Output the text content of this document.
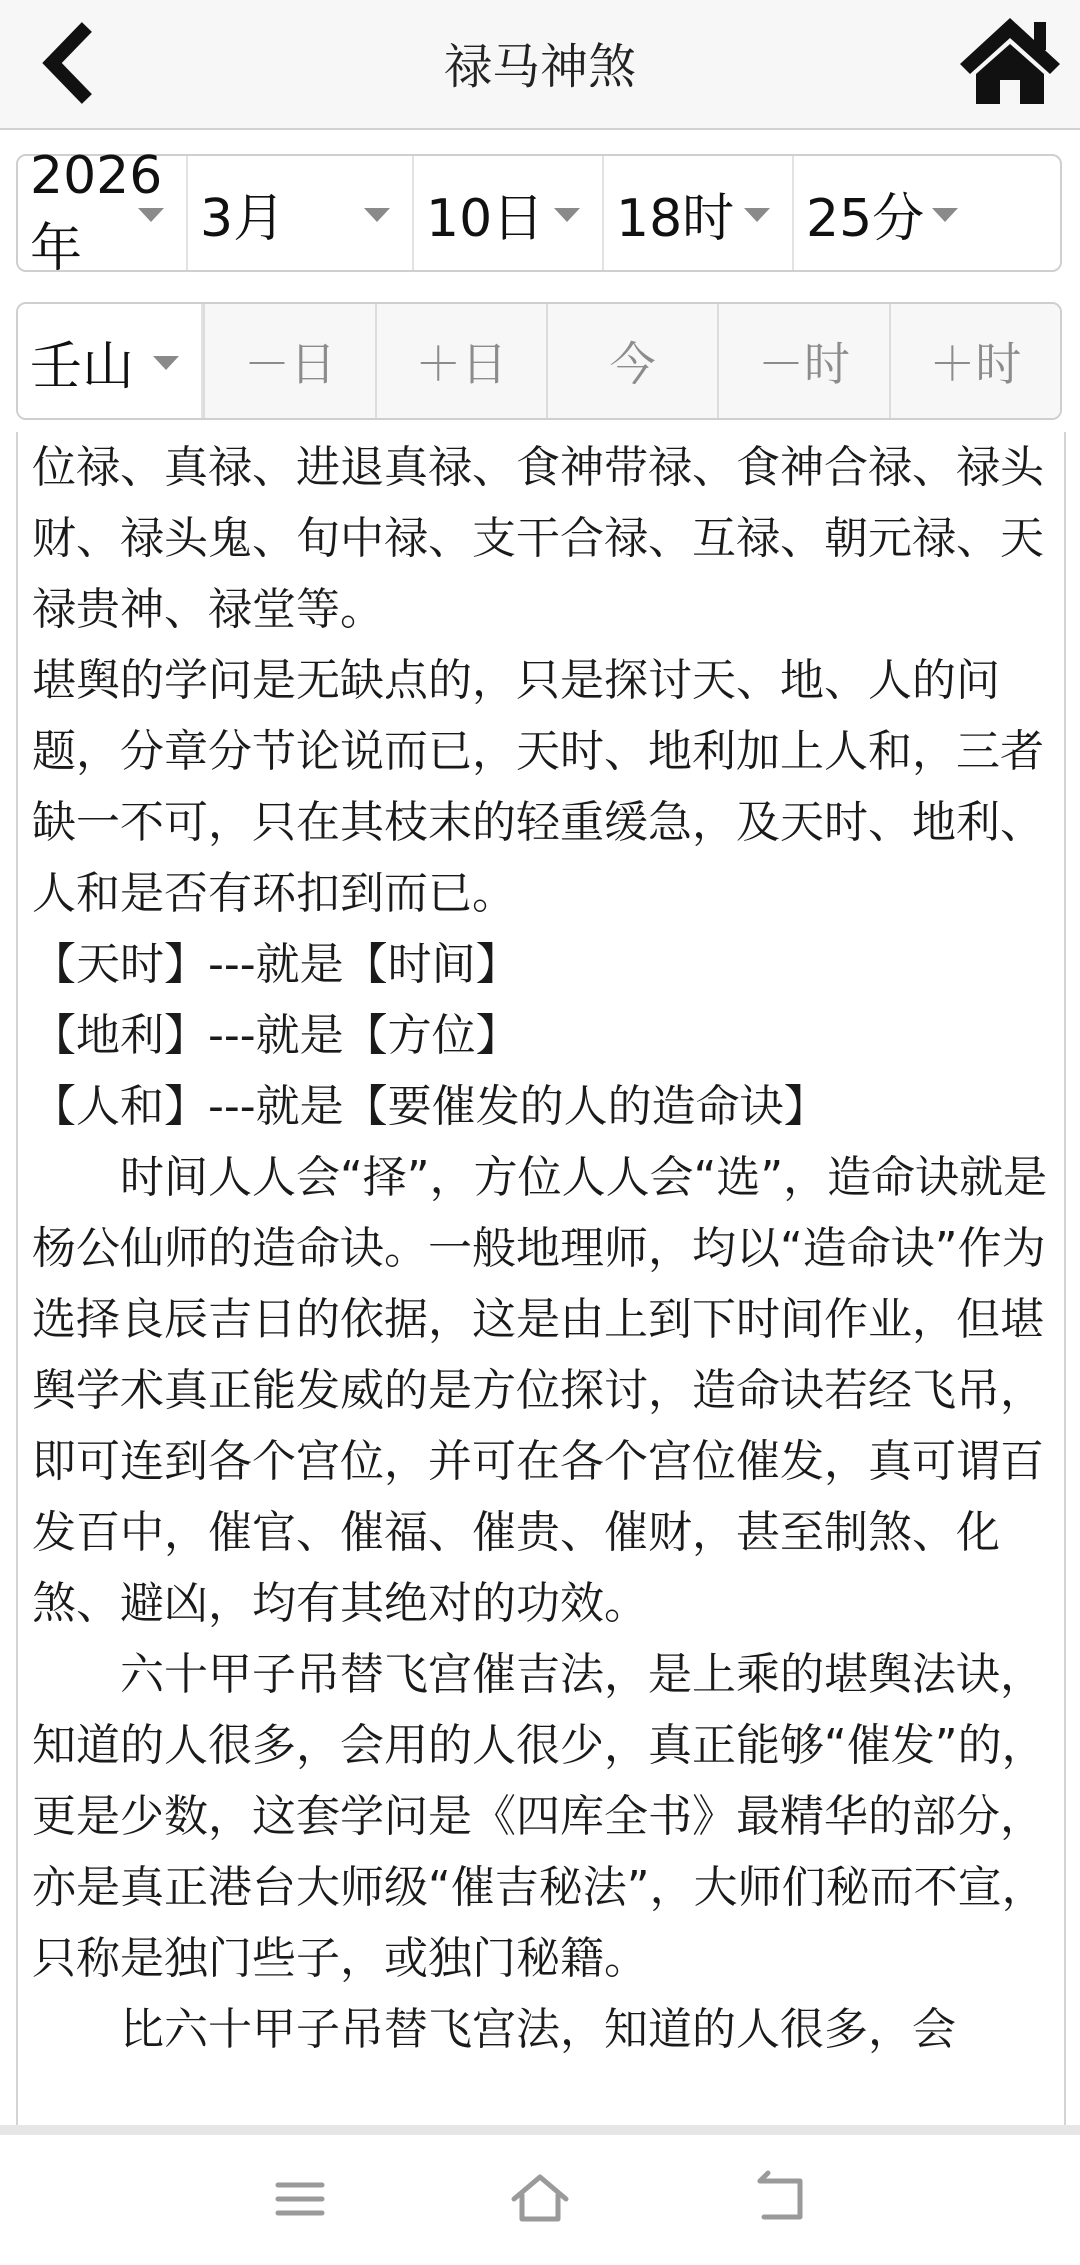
禄马神煞
2026年	3月	10日 18时 25分
壬山	－日	＋日	今	－时	＋时

位禄、真禄、进退真禄、食神带禄、食神合禄、禄头财、禄头鬼、旬中禄、支干合禄、互禄、朝元禄、天禄贵神、禄堂等。

堪舆的学问是无缺点的，只是探讨天、地、人的问题，分章分节论说而已，天时、地利加上人和，三者缺一不可，只在其枝末的轻重缓急，及天时、地利、人和是否有环扣到而已。

【天时】---就是【时间】

【地利】---就是【方位】

【人和】---就是【要催发的人的造命诀】

时间人人会“择”，方位人人会“选”，造命诀就是杨公仙师的造命诀。一般地理师，均以“造命诀”作为选择良辰吉日的依据，这是由上到下时间作业，但堪舆学术真正能发威的是方位探讨，造命诀若经飞吊，即可连到各个宫位，并可在各个宫位催发，真可谓百发百中，催官、催福、催贵、催财，甚至制煞、化煞、避凶，均有其绝对的功效。

六十甲子吊替飞宫催吉法，是上乘的堪舆法诀，知道的人很多，会用的人很少，真正能够“催发”的，更是少数，这套学问是《四库全书》最精华的部分，亦是真正港台大师级“催吉秘法”，大师们秘而不宣，只称是独门些子，或独门秘籍。

比六十甲子吊替飞宫法，知道的人很多，会
